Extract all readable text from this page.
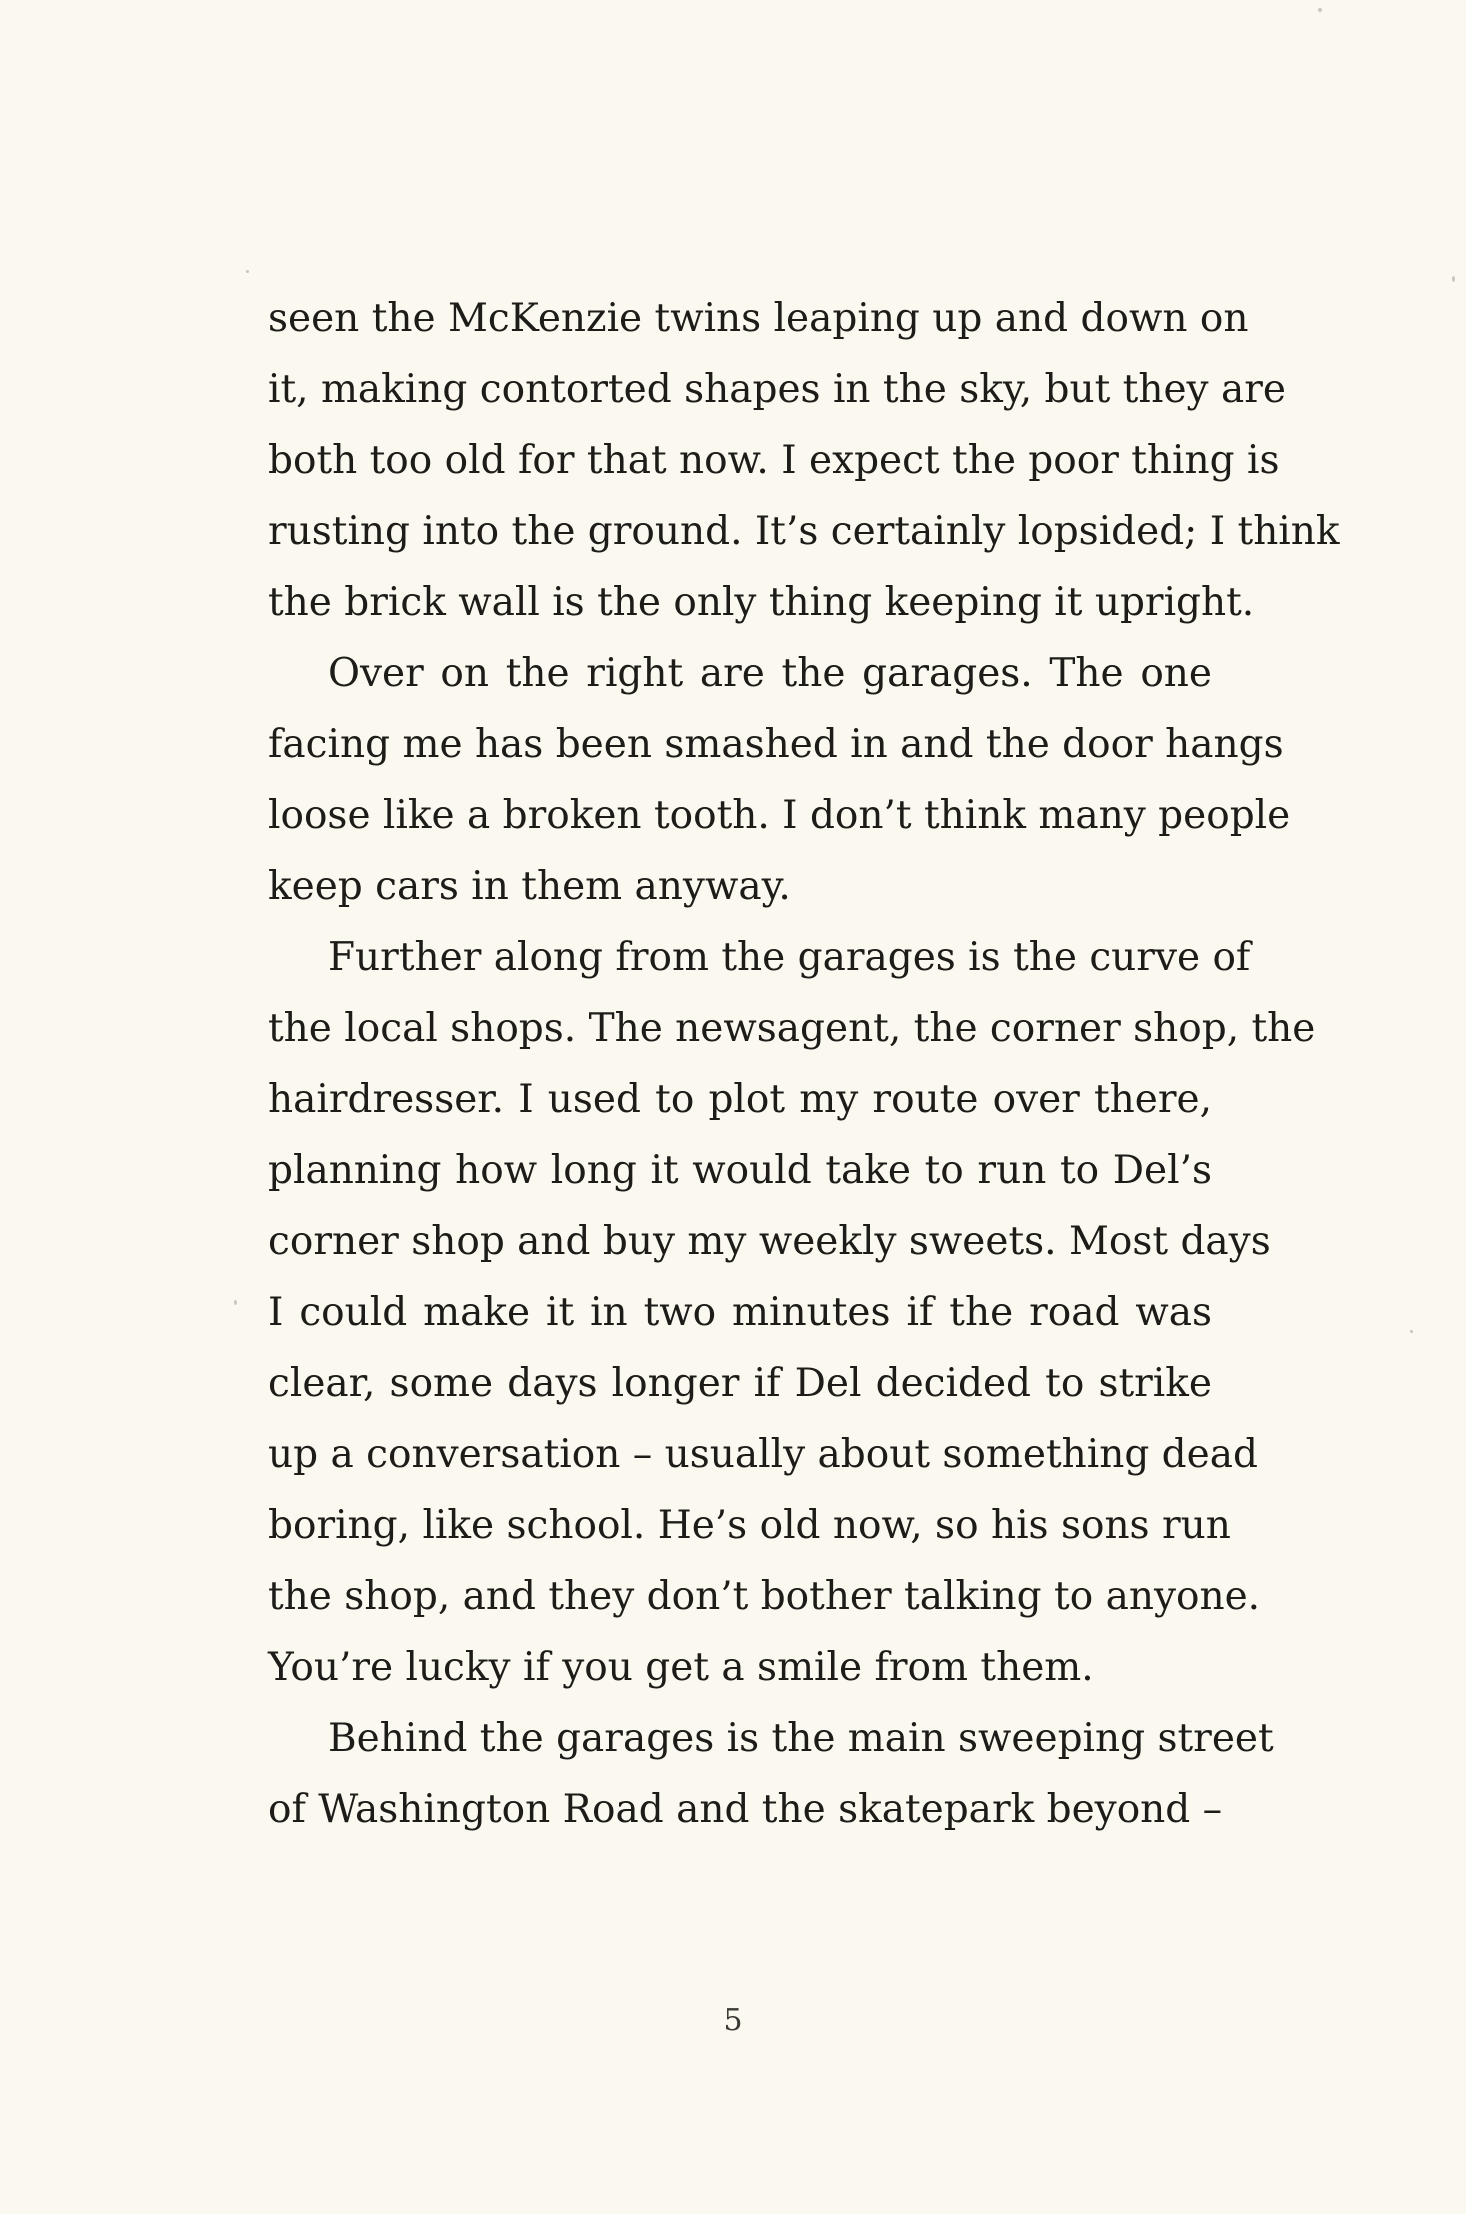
seen the McKenzie twins leaping up and down on
it, making contorted shapes in the sky, but they are
both too old for that now. I expect the poor thing is
rusting into the ground. It’s certainly lopsided; I think
the brick wall is the only thing keeping it upright.
Over on the right are the garages. The one
facing me has been smashed in and the door hangs
loose like a broken tooth. I don’t think many people
keep cars in them anyway.
Further along from the garages is the curve of
the local shops. The newsagent, the corner shop, the
hairdresser. I used to plot my route over there,
planning how long it would take to run to Del’s
corner shop and buy my weekly sweets. Most days
I could make it in two minutes if the road was
clear, some days longer if Del decided to strike
up a conversation – usually about something dead
boring, like school. He’s old now, so his sons run
the shop, and they don’t bother talking to anyone.
You’re lucky if you get a smile from them.
Behind the garages is the main sweeping street
of Washington Road and the skatepark beyond –
5
